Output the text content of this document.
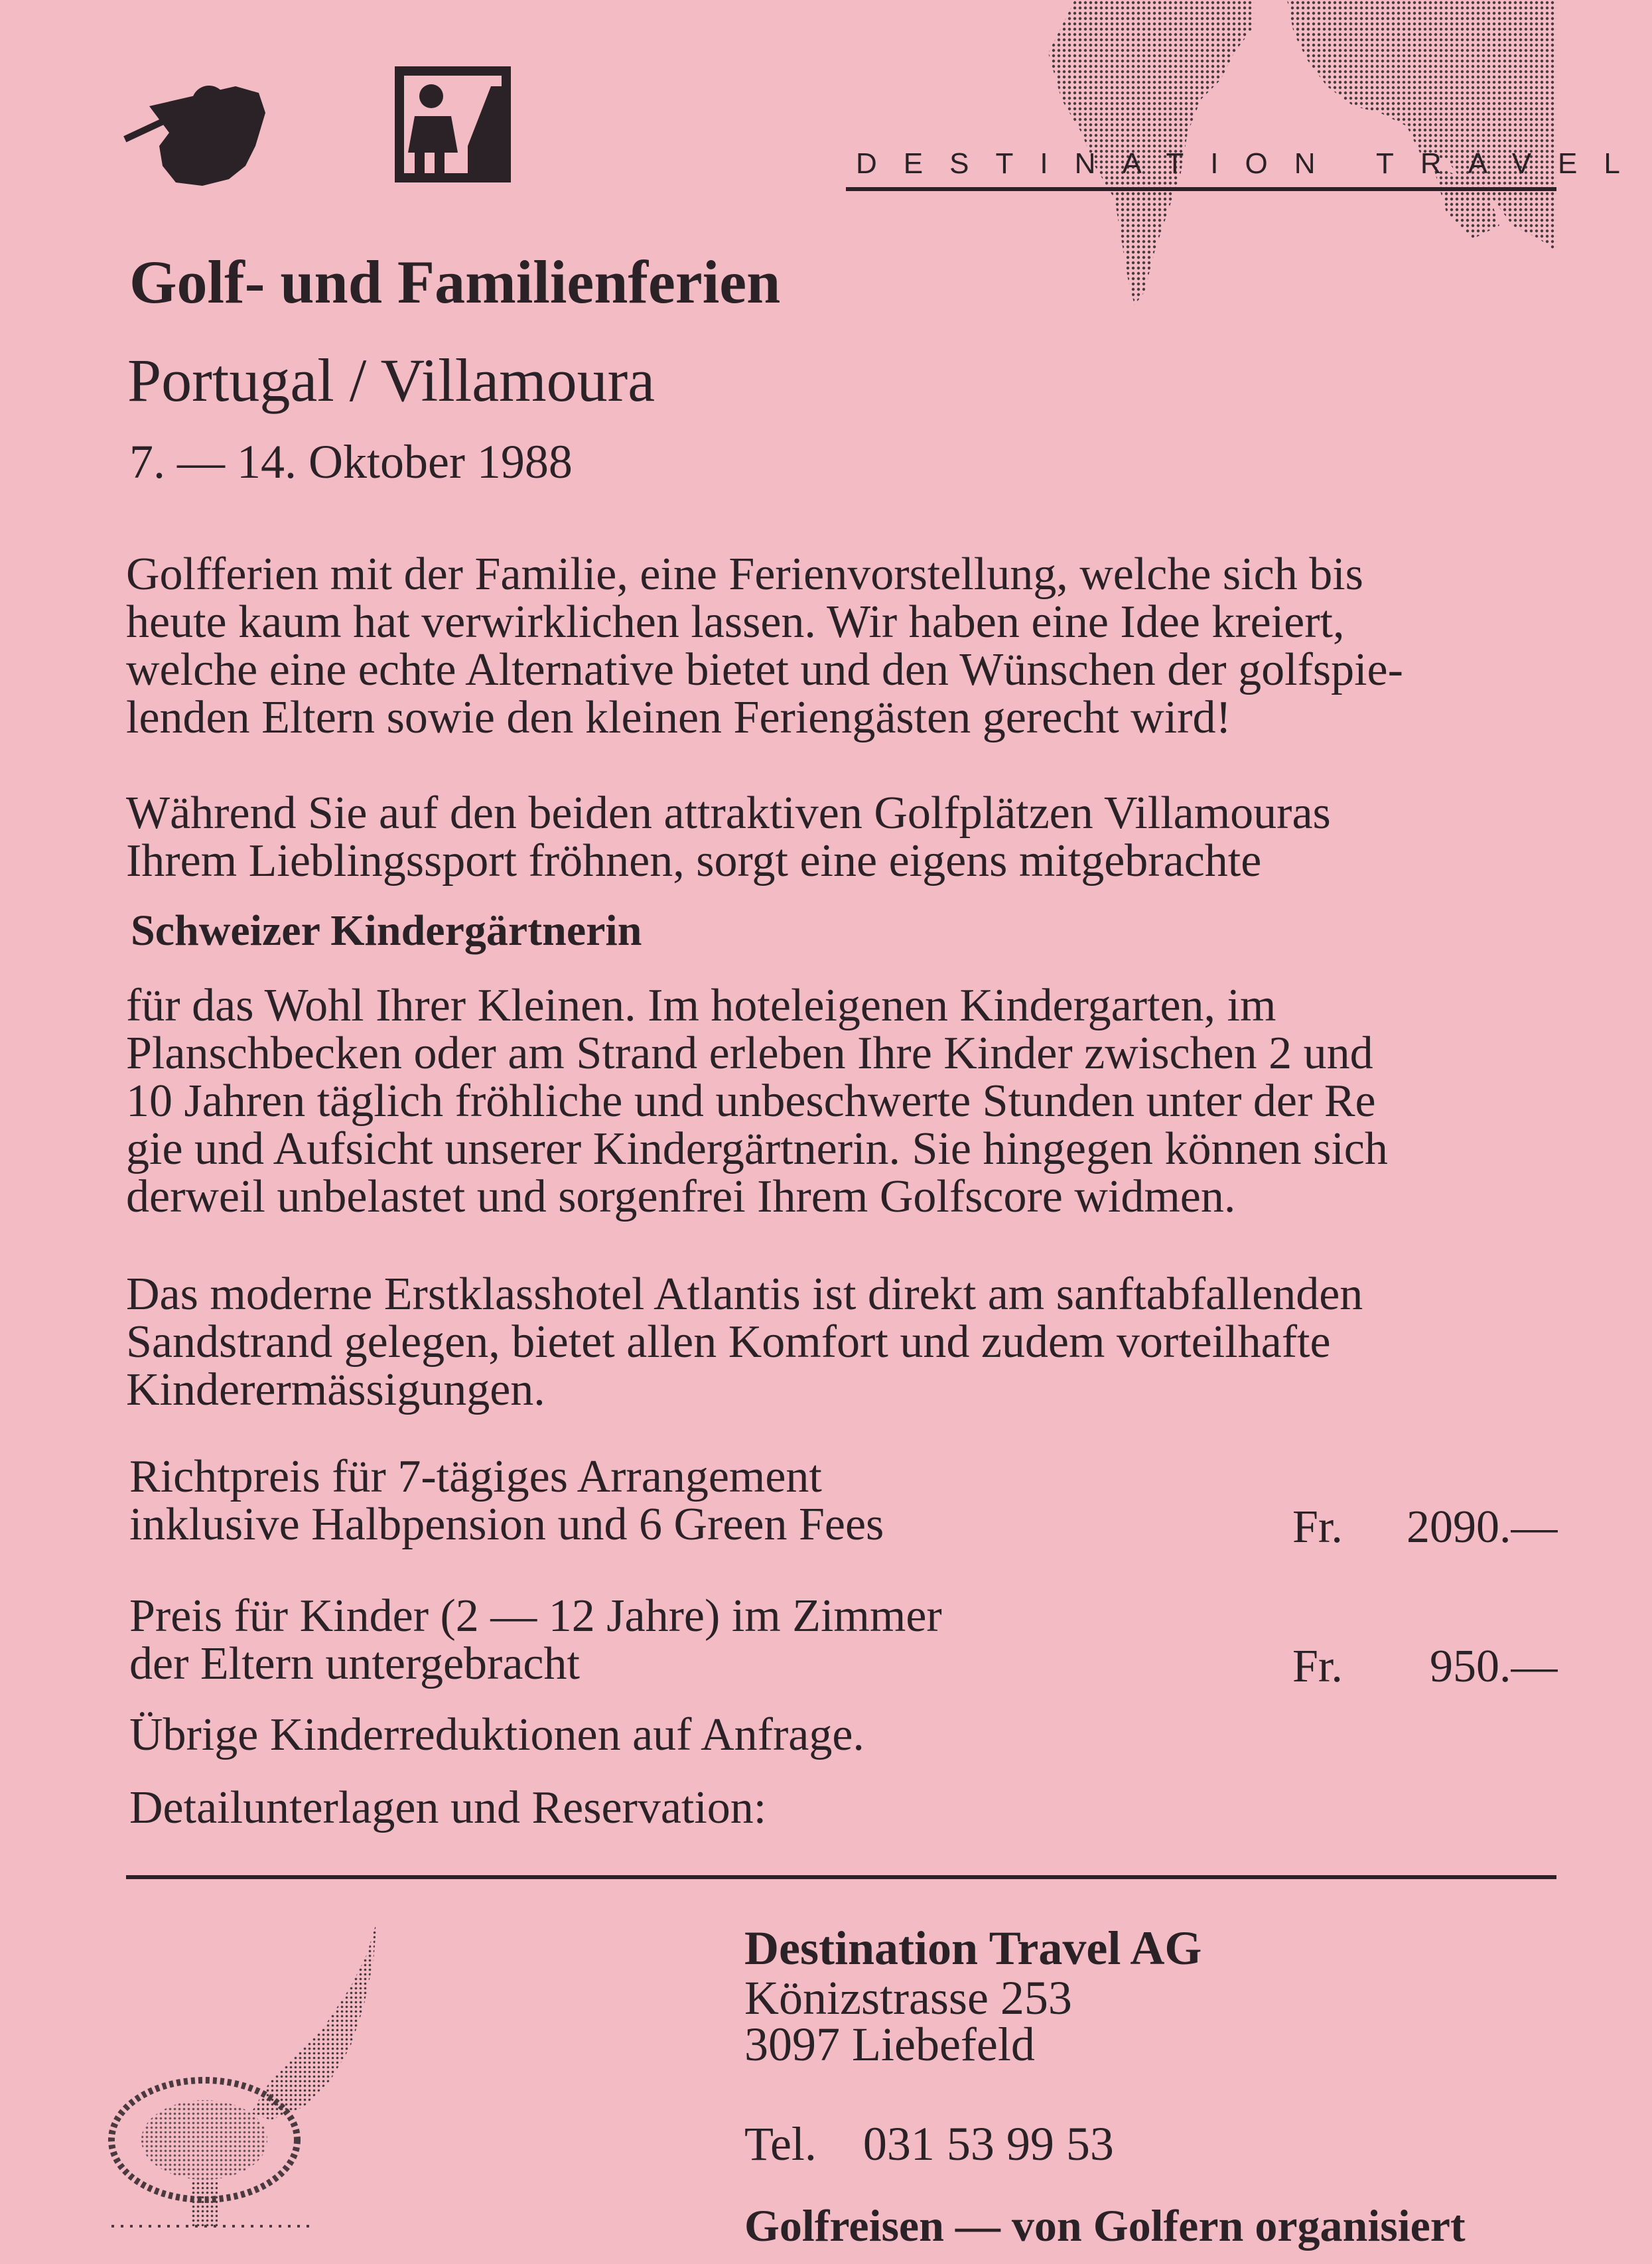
DESTINATION TRAVEL
Golf- und Familienferien
Portugal / Villamoura
7. — 14. Oktober 1988

Golfferien mit der Familie, eine Ferienvorstellung, welche sich bis
heute kaum hat verwirklichen lassen. Wir haben eine Idee kreiert,
welche eine echte Alternative bietet und den Wünschen der golfspie-
lenden Eltern sowie den kleinen Feriengästen gerecht wird!

Während Sie auf den beiden attraktiven Golfplätzen Villamouras
Ihrem Lieblingssport fröhnen, sorgt eine eigens mitgebrachte

Schweizer Kindergärtnerin

für das Wohl Ihrer Kleinen. Im hoteleigenen Kindergarten, im
Planschbecken oder am Strand erleben Ihre Kinder zwischen 2 und
10 Jahren täglich fröhliche und unbeschwerte Stunden unter der Re
gie und Aufsicht unserer Kindergärtnerin. Sie hingegen können sich
derweil unbelastet und sorgenfrei Ihrem Golfscore widmen.

Das moderne Erstklasshotel Atlantis ist direkt am sanftabfallenden
Sandstrand gelegen, bietet allen Komfort und zudem vorteilhafte
Kinderermässigungen.

Richtpreis für 7-tägiges Arrangement
inklusive Halbpension und 6 Green Fees	Fr. 2090.—
Preis für Kinder (2 — 12 Jahre) im Zimmer
der Eltern untergebracht	Fr. 950.—
Übrige Kinderreduktionen auf Anfrage.
Detailunterlagen und Reservation:
Destination Travel AG
Könizstrasse 253
3097 Liebefeld
Tel. 031 53 99 53
Golfreisen — von Golfern organisiert
